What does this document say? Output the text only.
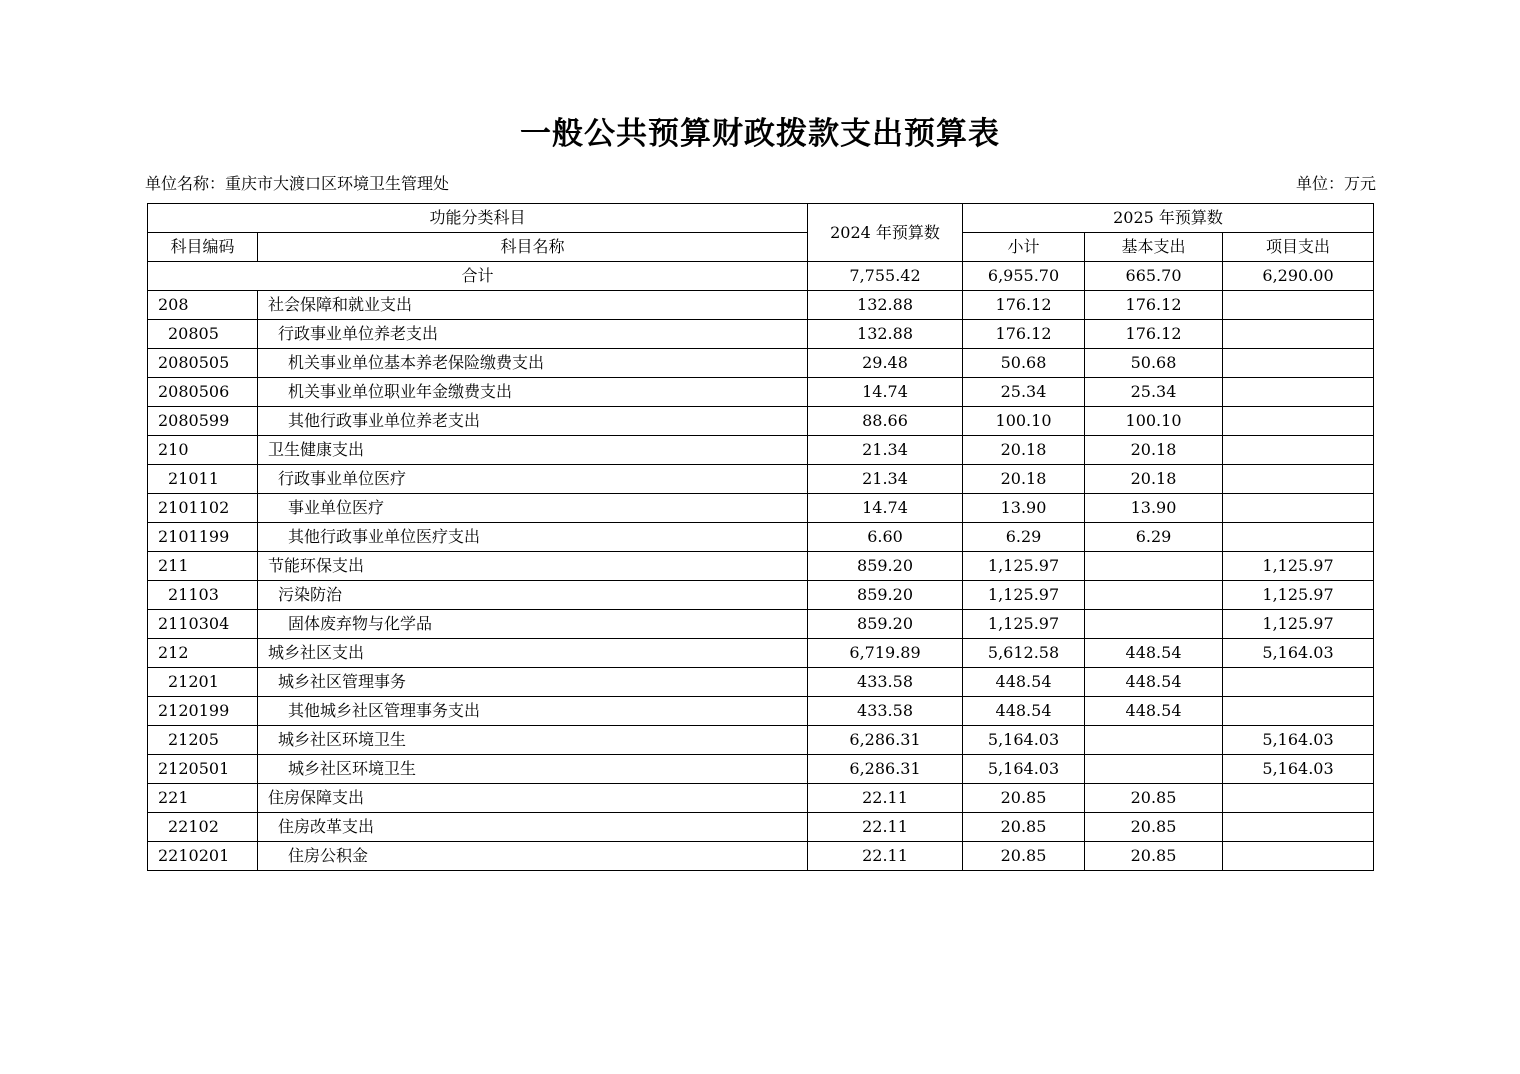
一般公共预算财政拨款支出预算表
单位名称：重庆市大渡口区环境卫生管理处	单位：万元
功能分类科目		2024 年预算数	2025 年预算数		
科目编码	科目名称		小计	基本支出	项目支出
合计		7,755.42	6,955.70	665.70	6,290.00
208	社会保障和就业支出	132.88	176.12	176.12	
20805	行政事业单位养老支出	132.88	176.12	176.12	
2080505	机关事业单位基本养老保险缴费支出	29.48	50.68	50.68	
2080506	机关事业单位职业年金缴费支出	14.74	25.34	25.34	
2080599	其他行政事业单位养老支出	88.66	100.10	100.10	
210	卫生健康支出	21.34	20.18	20.18	
21011	行政事业单位医疗	21.34	20.18	20.18	
2101102	事业单位医疗	14.74	13.90	13.90	
2101199	其他行政事业单位医疗支出	6.60	6.29	6.29	
211	节能环保支出	859.20	1,125.97		1,125.97
21103	污染防治	859.20	1,125.97		1,125.97
2110304	固体废弃物与化学品	859.20	1,125.97		1,125.97
212	城乡社区支出	6,719.89	5,612.58	448.54	5,164.03
21201	城乡社区管理事务	433.58	448.54	448.54	
2120199	其他城乡社区管理事务支出	433.58	448.54	448.54	
21205	城乡社区环境卫生	6,286.31	5,164.03		5,164.03
2120501	城乡社区环境卫生	6,286.31	5,164.03		5,164.03
221	住房保障支出	22.11	20.85	20.85	
22102	住房改革支出	22.11	20.85	20.85	
2210201	住房公积金	22.11	20.85	20.85	
